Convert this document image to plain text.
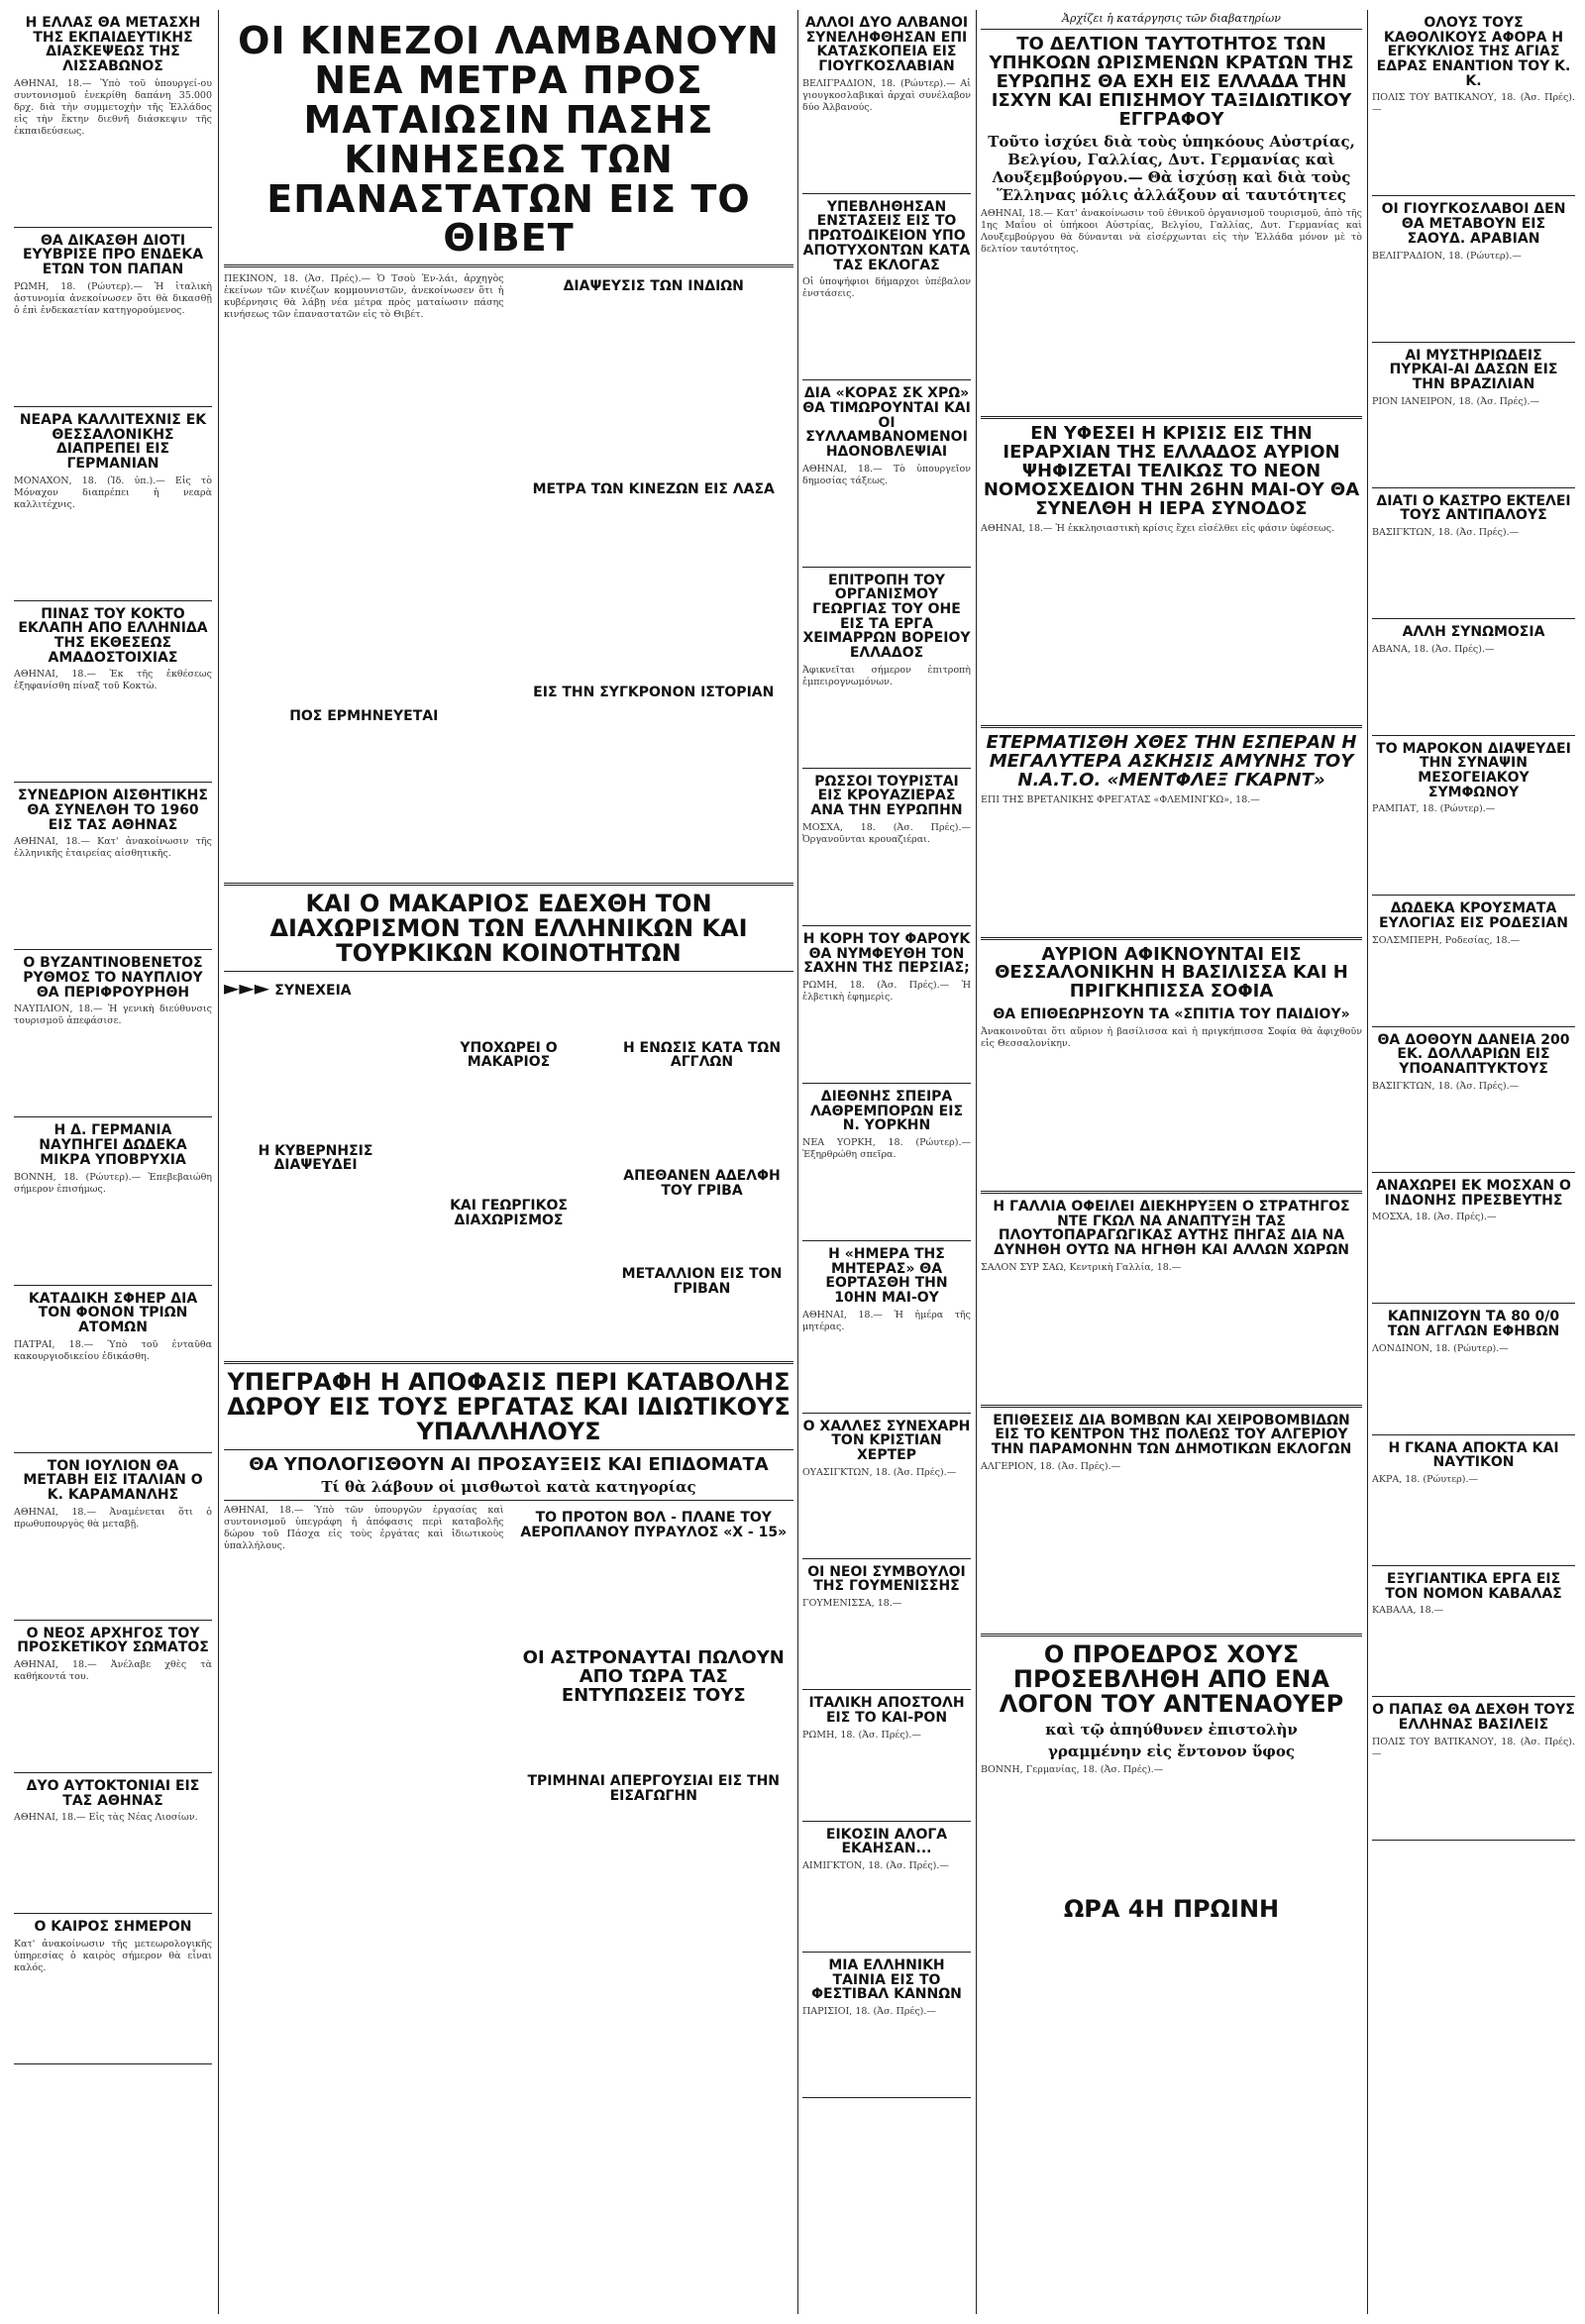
Η ΕΛΛΑΣ ΘΑ ΜΕΤΑΣΧΗ ΤΗΣ ΕΚΠΑΙΔΕΥΤΙΚΗΣ ΔΙΑΣΚΕΨΕΩΣ ΤΗΣ ΛΙΣΣΑΒΩΝΟΣ
ΑΘΗΝΑΙ, 18.— Ὑπὸ τοῦ ὑπουργεί-ου συντονισμοῦ ἐνεκρίθη δαπάνη 35.000 δρχ. διὰ τὴν συμμετοχὴν τῆς Ἑλλάδος εἰς τὴν ἔκτην διεθνῆ διάσκεψιν τῆς ἐκπαιδεύσεως.
ΘΑ ΔΙΚΑΣΘΗ ΔΙΟΤΙ ΕΥΥΒΡΙΣΕ ΠΡΟ ΕΝΔΕΚΑ ΕΤΩΝ ΤΟΝ ΠΑΠΑΝ
ΡΩΜΗ, 18. (Ρώυτερ).— Ἡ ἰταλικὴ ἀστυνομία ἀνεκοίνωσεν ὅτι θὰ δικασθῇ ὁ ἐπὶ ἑνδεκαετίαν κατηγορούμενος.
ΝΕΑΡΑ ΚΑΛΛΙΤΕΧΝΙΣ ΕΚ ΘΕΣΣΑΛΟΝΙΚΗΣ ΔΙΑΠΡΕΠΕΙ ΕΙΣ ΓΕΡΜΑΝΙΑΝ
ΜΟΝΑΧΟΝ, 18. (Ἰδ. ὑπ.).— Εἰς τὸ Μόναχον διαπρέπει ἡ νεαρὰ καλλιτέχνις.
ΠΙΝΑΣ ΤΟΥ ΚΟΚΤΟ ΕΚΛΑΠΗ ΑΠΟ ΕΛΛΗΝΙΔΑ ΤΗΣ ΕΚΘΕΣΕΩΣ ΑΜΑΔΟΣΤΟΙΧΙΑΣ
ΑΘΗΝΑΙ, 18.— Ἐκ τῆς ἐκθέσεως ἐξηφανίσθη πίναξ τοῦ Κοκτὼ.
ΣΥΝΕΔΡΙΟΝ ΑΙΣΘΗΤΙΚΗΣ ΘΑ ΣΥΝΕΛΘΗ ΤΟ 1960 ΕΙΣ ΤΑΣ ΑΘΗΝΑΣ
ΑΘΗΝΑΙ, 18.— Κατ' ἀνακοίνωσιν τῆς ἑλληνικῆς ἑταιρείας αἰσθητικῆς.
Ο ΒΥΖΑΝΤΙΝΟΒΕΝΕΤΟΣ ΡΥΘΜΟΣ ΤΟ ΝΑΥΠΛΙΟΥ ΘΑ ΠΕΡΙΦΡΟΥΡΗΘΗ
ΝΑΥΠΛΙΟΝ, 18.— Ἡ γενικὴ διεύθυνσις τουρισμοῦ ἀπεφάσισε.
Η Δ. ΓΕΡΜΑΝΙΑ ΝΑΥΠΗΓΕΙ ΔΩΔΕΚΑ ΜΙΚΡΑ ΥΠΟΒΡΥΧΙΑ
ΒΟΝΝΗ, 18. (Ρώυτερ).— Ἐπεβεβαιώθη σήμερον ἐπισήμως.
ΚΑΤΑΔΙΚΗ ΣΦΗΕΡ ΔΙΑ ΤΟΝ ΦΟΝΟΝ ΤΡΙΩΝ ΑΤΟΜΩΝ
ΠΑΤΡΑΙ, 18.— Ὑπὸ τοῦ ἐνταῦθα κακουργιοδικείου ἐδικάσθη.
ΤΟΝ ΙΟΥΛΙΟΝ ΘΑ ΜΕΤΑΒΗ ΕΙΣ ΙΤΑΛΙΑΝ Ο Κ. ΚΑΡΑΜΑΝΛΗΣ
ΑΘΗΝΑΙ, 18.— Ἀναμένεται ὅτι ὁ πρωθυπουργὸς θὰ μεταβῇ.
Ο ΝΕΟΣ ΑΡΧΗΓΟΣ ΤΟΥ ΠΡΟΣΚΕΤΙΚΟΥ ΣΩΜΑΤΟΣ
ΑΘΗΝΑΙ, 18.— Ἀνέλαβε χθὲς τὰ καθήκοντά του.
ΔΥΟ ΑΥΤΟΚΤΟΝΙΑΙ ΕΙΣ ΤΑΣ ΑΘΗΝΑΣ
ΑΘΗΝΑΙ, 18.— Εἰς τὰς Νέας Λιοσίων.
Ο ΚΑΙΡΟΣ ΣΗΜΕΡΟΝ
Κατ' ἀνακοίνωσιν τῆς μετεωρολογικῆς ὑπηρεσίας ὁ καιρὸς σήμερον θὰ εἶναι καλός.
ΟΙ ΚΙΝΕΖΟΙ ΛΑΜΒΑΝΟΥΝ ΝΕΑ ΜΕΤΡΑ ΠΡΟΣ ΜΑΤΑΙΩΣΙΝ ΠΑΣΗΣ ΚΙΝΗΣΕΩΣ ΤΩΝ ΕΠΑΝΑΣΤΑΤΩΝ ΕΙΣ ΤΟ ΘΙΒΕΤ
ΠΕΚΙΝΟΝ, 18. (Ἀσ. Πρές).— Ὁ Τσοὺ Ἐν-λάι, ἀρχηγὸς ἐκείνων τῶν κινέζων κομμουνιστῶν, ἀνεκοίνωσεν ὅτι ἡ κυβέρνησις θὰ λάβῃ νέα μέτρα πρὸς ματαίωσιν πάσης κινήσεως τῶν ἐπαναστατῶν εἰς τὸ Θιβέτ.
ΠΟΣ ΕΡΜΗΝΕΥΕΤΑΙ
ΔΙΑΨΕΥΣΙΣ ΤΩΝ ΙΝΔΙΩΝ
ΜΕΤΡΑ ΤΩΝ ΚΙΝΕΖΩΝ ΕΙΣ ΛΑΣΑ
ΕΙΣ ΤΗΝ ΣΥΓΚΡΟΝΟΝ ΙΣΤΟΡΙΑΝ
ΚΑΙ Ο ΜΑΚΑΡΙΟΣ ΕΔΕΧΘΗ ΤΟΝ ΔΙΑΧΩΡΙΣΜΟΝ ΤΩΝ ΕΛΛΗΝΙΚΩΝ ΚΑΙ ΤΟΥΡΚΙΚΩΝ ΚΟΙΝΟΤΗΤΩΝ
►►► ΣΥΝΕΧΕΙΑ
Η ΚΥΒΕΡΝΗΣΙΣ ΔΙΑΨΕΥΔΕΙ
ΥΠΟΧΩΡΕΙ Ο ΜΑΚΑΡΙΟΣ
ΚΑΙ ΓΕΩΡΓΙΚΟΣ ΔΙΑΧΩΡΙΣΜΟΣ
Η ΕΝΩΣΙΣ ΚΑΤΑ ΤΩΝ ΑΓΓΛΩΝ
ΑΠΕΘΑΝΕΝ ΑΔΕΛΦΗ ΤΟΥ ΓΡΙΒΑ
ΜΕΤΑΛΛΙΟΝ ΕΙΣ ΤΟΝ ΓΡΙΒΑΝ
ΥΠΕΓΡΑΦΗ Η ΑΠΟΦΑΣΙΣ ΠΕΡΙ ΚΑΤΑΒΟΛΗΣ ΔΩΡΟΥ ΕΙΣ ΤΟΥΣ ΕΡΓΑΤΑΣ ΚΑΙ ΙΔΙΩΤΙΚΟΥΣ ΥΠΑΛΛΗΛΟΥΣ
ΘΑ ΥΠΟΛΟΓΙΣΘΟΥΝ ΑΙ ΠΡΟΣΑΥΞΕΙΣ ΚΑΙ ΕΠΙΔΟΜΑΤΑ
Τί θὰ λάβουν οἱ μισθωτοὶ κατὰ κατηγορίας
ΑΘΗΝΑΙ, 18.— Ὑπὸ τῶν ὑπουργῶν ἐργασίας καὶ συντονισμοῦ ὑπεγράφη ἡ ἀπόφασις περὶ καταβολῆς δώρου τοῦ Πάσχα εἰς τοὺς ἐργάτας καὶ ἰδιωτικοὺς ὑπαλλήλους.
ΤΟ ΠΡΟΤΟΝ ΒΟΛ - ΠΛΑΝΕ ΤΟΥ ΑΕΡΟΠΛΑΝΟΥ ΠΥΡΑΥΛΟΣ «Χ - 15»
ΟΙ ΑΣΤΡΟΝΑΥΤΑΙ ΠΩΛΟΥΝ ΑΠΟ ΤΩΡΑ ΤΑΣ ΕΝΤΥΠΩΣΕΙΣ ΤΟΥΣ
ΤΡΙΜΗΝΑΙ ΑΠΕΡΓΟΥΣΙΑΙ ΕΙΣ ΤΗΝ ΕΙΣΑΓΩΓΗΝ
ΑΛΛΟΙ ΔΥΟ ΑΛΒΑΝΟΙ ΣΥΝΕΛΗΦΘΗΣΑΝ ΕΠΙ ΚΑΤΑΣΚΟΠΕΙΑ ΕΙΣ ΓΙΟΥΓΚΟΣΛΑΒΙΑΝ
ΒΕΛΙΓΡΑΔΙΟΝ, 18. (Ρώυτερ).— Αἱ γιουγκοσλαβικαὶ ἀρχαὶ συνέλαβον δύο Ἀλβανούς.
ΥΠΕΒΛΗΘΗΣΑΝ ΕΝΣΤΑΣΕΙΣ ΕΙΣ ΤΟ ΠΡΩΤΟΔΙΚΕΙΟΝ ΥΠΟ ΑΠΟΤΥΧΟΝΤΩΝ ΚΑΤΑ ΤΑΣ ΕΚΛΟΓΑΣ
Οἱ ὑποψήφιοι δήμαρχοι ὑπέβαλον ἐνστάσεις.
ΔΙΑ «ΚΟΡΑΣ ΣΚ ΧΡΩ» ΘΑ ΤΙΜΩΡΟΥΝΤΑΙ ΚΑΙ ΟΙ ΣΥΛΛΑΜΒΑΝΟΜΕΝΟΙ ΗΔΟΝΟΒΛΕΨΙΑΙ
ΑΘΗΝΑΙ, 18.— Τὸ ὑπουργεῖον δημοσίας τάξεως.
ΕΠΙΤΡΟΠΗ ΤΟΥ ΟΡΓΑΝΙΣΜΟΥ ΓΕΩΡΓΙΑΣ ΤΟΥ ΟΗΕ ΕΙΣ ΤΑ ΕΡΓΑ ΧΕΙΜΑΡΡΩΝ ΒΟΡΕΙΟΥ ΕΛΛΑΔΟΣ
Ἀφικνεῖται σήμερον ἐπιτροπὴ ἐμπειρογνωμόνων.
ΡΩΣΣΟΙ ΤΟΥΡΙΣΤΑΙ ΕΙΣ ΚΡΟΥΑΖΙΕΡΑΣ ΑΝΑ ΤΗΝ ΕΥΡΩΠΗΝ
ΜΟΣΧΑ, 18. (Ἀσ. Πρές).— Ὀργανοῦνται κρουαζιέραι.
Η ΚΟΡΗ ΤΟΥ ΦΑΡΟΥΚ ΘΑ ΝΥΜΦΕΥΘΗ ΤΟΝ ΣΑΧΗΝ ΤΗΣ ΠΕΡΣΙΑΣ;
ΡΩΜΗ, 18. (Ἀσ. Πρές).— Ἡ ἑλβετικὴ ἐφημερὶς.
ΔΙΕΘΝΗΣ ΣΠΕΙΡΑ ΛΑΘΡΕΜΠΟΡΩΝ ΕΙΣ Ν. ΥΟΡΚΗΝ
ΝΕΑ ΥΟΡΚΗ, 18. (Ρώυτερ).— Ἐξηρθρώθη σπεῖρα.
Η «ΗΜΕΡΑ ΤΗΣ ΜΗΤΕΡΑΣ» ΘΑ ΕΟΡΤΑΣΘΗ ΤΗΝ 10ΗΝ ΜΑΙ-ΟΥ
ΑΘΗΝΑΙ, 18.— Ἡ ἡμέρα τῆς μητέρας.
Ο ΧΑΛΛΕΣ ΣΥΝΕΧΑΡΗ ΤΟΝ ΚΡΙΣΤΙΑΝ ΧΕΡΤΕΡ
ΟΥΑΣΙΓΚΤΩΝ, 18. (Ἀσ. Πρές).—
ΟΙ ΝΕΟΙ ΣΥΜΒΟΥΛΟΙ ΤΗΣ ΓΟΥΜΕΝΙΣΣΗΣ
ΓΟΥΜΕΝΙΣΣΑ, 18.—
ΙΤΑΛΙΚΗ ΑΠΟΣΤΟΛΗ ΕΙΣ ΤΟ ΚΑΙ-ΡΟΝ
ΡΩΜΗ, 18. (Ἀσ. Πρές).—
ΕΙΚΟΣΙΝ ΑΛΟΓΑ ΕΚΑΗΣΑΝ...
ΑΙΜΙΓΚΤΟΝ, 18. (Ἀσ. Πρές).—
ΜΙΑ ΕΛΛΗΝΙΚΗ ΤΑΙΝΙΑ ΕΙΣ ΤΟ ΦΕΣΤΙΒΑΛ ΚΑΝΝΩΝ
ΠΑΡΙΣΙΟΙ, 18. (Ἀσ. Πρές).—
Ἀρχίζει ἡ κατάργησις τῶν διαβατηρίων
ΤΟ ΔΕΛΤΙΟΝ ΤΑΥΤΟΤΗΤΟΣ ΤΩΝ ΥΠΗΚΟΩΝ ΩΡΙΣΜΕΝΩΝ ΚΡΑΤΩΝ ΤΗΣ ΕΥΡΩΠΗΣ ΘΑ ΕΧΗ ΕΙΣ ΕΛΛΑΔΑ ΤΗΝ ΙΣΧΥΝ ΚΑΙ ΕΠΙΣΗΜΟΥ ΤΑΞΙΔΙΩΤΙΚΟΥ ΕΓΓΡΑΦΟΥ
Τοῦτο ἰσχύει διὰ τοὺς ὑπηκόους Αὐστρίας, Βελγίου, Γαλλίας, Δυτ. Γερμανίας καὶ Λουξεμβούργου.— Θὰ ἰσχύσῃ καὶ διὰ τοὺς Ἕλληνας μόλις ἀλλάξουν αἱ ταυτότητες
ΑΘΗΝΑΙ, 18.— Κατ' ἀνακοίνωσιν τοῦ ἐθνικοῦ ὀργανισμοῦ τουρισμοῦ, ἀπὸ τῆς 1ης Μαΐου οἱ ὑπήκοοι Αὐστρίας, Βελγίου, Γαλλίας, Δυτ. Γερμανίας καὶ Λουξεμβούργου θὰ δύνανται νὰ εἰσέρχωνται εἰς τὴν Ἑλλάδα μόνον μὲ τὸ δελτίον ταυτότητος.
ΕΝ ΥΦΕΣΕΙ Η ΚΡΙΣΙΣ ΕΙΣ ΤΗΝ ΙΕΡΑΡΧΙΑΝ ΤΗΣ ΕΛΛΑΔΟΣ ΑΥΡΙΟΝ ΨΗΦΙΖΕΤΑΙ ΤΕΛΙΚΩΣ ΤΟ ΝΕΟΝ ΝΟΜΟΣΧΕΔΙΟΝ ΤΗΝ 26ΗΝ ΜΑΙ-ΟΥ ΘΑ ΣΥΝΕΛΘΗ Η ΙΕΡΑ ΣΥΝΟΔΟΣ
ΑΘΗΝΑΙ, 18.— Ἡ ἐκκλησιαστικὴ κρίσις ἔχει εἰσέλθει εἰς φάσιν ὑφέσεως.
ΕΤΕΡΜΑΤΙΣΘΗ ΧΘΕΣ ΤΗΝ ΕΣΠΕΡΑΝ Η ΜΕΓΑΛΥΤΕΡΑ ΑΣΚΗΣΙΣ ΑΜΥΝΗΣ ΤΟΥ Ν.Α.Τ.Ο. «ΜΕΝΤΦΛΕΞ ΓΚΑΡΝΤ»
ΕΠΙ ΤΗΣ ΒΡΕΤΑΝΙΚΗΣ ΦΡΕΓΑΤΑΣ «ΦΛΕΜΙΝΓΚΩ», 18.—
ΑΥΡΙΟΝ ΑΦΙΚΝΟΥΝΤΑΙ ΕΙΣ ΘΕΣΣΑΛΟΝΙΚΗΝ Η ΒΑΣΙΛΙΣΣΑ ΚΑΙ Η ΠΡΙΓΚΗΠΙΣΣΑ ΣΟΦΙΑ
ΘΑ ΕΠΙΘΕΩΡΗΣΟΥΝ ΤΑ «ΣΠΙΤΙΑ ΤΟΥ ΠΑΙΔΙΟΥ»
Ἀνακοινοῦται ὅτι αὔριον ἡ βασίλισσα καὶ ἡ πριγκήπισσα Σοφία θὰ ἀφιχθοῦν εἰς Θεσσαλονίκην.
Η ΓΑΛΛΙΑ ΟΦΕΙΛΕΙ ΔΙΕΚΗΡΥΞΕΝ Ο ΣΤΡΑΤΗΓΟΣ ΝΤΕ ΓΚΩΛ ΝΑ ΑΝΑΠΤΥΞΗ ΤΑΣ ΠΛΟΥΤΟΠΑΡΑΓΩΓΙΚΑΣ ΑΥΤΗΣ ΠΗΓΑΣ ΔΙΑ ΝΑ ΔΥΝΗΘΗ ΟΥΤΩ ΝΑ ΗΓΗΘΗ ΚΑΙ ΑΛΛΩΝ ΧΩΡΩΝ
ΣΑΛΟΝ ΣΥΡ ΣΑΩ, Κεντρικὴ Γαλλία, 18.—
ΕΠΙΘΕΣΕΙΣ ΔΙΑ ΒΟΜΒΩΝ ΚΑΙ ΧΕΙΡΟΒΟΜΒΙΔΩΝ ΕΙΣ ΤΟ ΚΕΝΤΡΟΝ ΤΗΣ ΠΟΛΕΩΣ ΤΟΥ ΑΛΓΕΡΙΟΥ ΤΗΝ ΠΑΡΑΜΟΝΗΝ ΤΩΝ ΔΗΜΟΤΙΚΩΝ ΕΚΛΟΓΩΝ
ΑΛΓΕΡΙΟΝ, 18. (Ἀσ. Πρές).—
Ο ΠΡΟΕΔΡΟΣ ΧΟΥΣ ΠΡΟΣΕΒΛΗΘΗ ΑΠΟ ΕΝΑ ΛΟΓΟΝ ΤΟΥ ΑΝΤΕΝΑΟΥΕΡ
καὶ τῷ ἀπηύθυνεν ἐπιστολὴν
γραμμένην εἰς ἔντονον ὕφος
ΒΟΝΝΗ, Γερμανίας, 18. (Ἀσ. Πρές).—
ΩΡΑ 4Η ΠΡΩΙΝΗ
ΟΛΟΥΣ ΤΟΥΣ ΚΑΘΟΛΙΚΟΥΣ ΑΦΟΡΑ Η ΕΓΚΥΚΛΙΟΣ ΤΗΣ ΑΓΙΑΣ ΕΔΡΑΣ ΕΝΑΝΤΙΟΝ ΤΟΥ Κ. Κ.
ΠΟΛΙΣ ΤΟΥ ΒΑΤΙΚΑΝΟΥ, 18. (Ἀσ. Πρές).—
ΟΙ ΓΙΟΥΓΚΟΣΛΑΒΟΙ ΔΕΝ ΘΑ ΜΕΤΑΒΟΥΝ ΕΙΣ ΣΑΟΥΔ. ΑΡΑΒΙΑΝ
ΒΕΛΙΓΡΑΔΙΟΝ, 18. (Ρώυτερ).—
ΑΙ ΜΥΣΤΗΡΙΩΔΕΙΣ ΠΥΡΚΑΙ-ΑΙ ΔΑΣΩΝ ΕΙΣ ΤΗΝ ΒΡΑΖΙΛΙΑΝ
ΡΙΟΝ ΙΑΝΕΙΡΟΝ, 18. (Ἀσ. Πρές).—
ΔΙΑΤΙ Ο ΚΑΣΤΡΟ ΕΚΤΕΛΕΙ ΤΟΥΣ ΑΝΤΙΠΑΛΟΥΣ
ΒΑΣΙΓΚΤΩΝ, 18. (Ἀσ. Πρές).—
ΑΛΛΗ ΣΥΝΩΜΟΣΙΑ
ΑΒΑΝΑ, 18. (Ἀσ. Πρές).—
ΤΟ ΜΑΡΟΚΟΝ ΔΙΑΨΕΥΔΕΙ ΤΗΝ ΣΥΝΑΨΙΝ ΜΕΣΟΓΕΙΑΚΟΥ ΣΥΜΦΩΝΟΥ
ΡΑΜΠΑΤ, 18. (Ρώυτερ).—
ΔΩΔΕΚΑ ΚΡΟΥΣΜΑΤΑ ΕΥΛΟΓΙΑΣ ΕΙΣ ΡΟΔΕΣΙΑΝ
ΣΟΛΣΜΠΕΡΗ, Ροδεσίας, 18.—
ΘΑ ΔΟΘΟΥΝ ΔΑΝΕΙΑ 200 ΕΚ. ΔΟΛΛΑΡΙΩΝ ΕΙΣ ΥΠΟΑΝΑΠΤΥΚΤΟΥΣ
ΒΑΣΙΓΚΤΩΝ, 18. (Ἀσ. Πρές).—
ΑΝΑΧΩΡΕΙ ΕΚ ΜΟΣΧΑΝ Ο ΙΝΔΟΝΗΣ ΠΡΕΣΒΕΥΤΗΣ
ΜΟΣΧΑ, 18. (Ἀσ. Πρές).—
ΚΑΠΝΙΖΟΥΝ ΤΑ 80 0/0 ΤΩΝ ΑΓΓΛΩΝ ΕΦΗΒΩΝ
ΛΟΝΔΙΝΟΝ, 18. (Ρώυτερ).—
Η ΓΚΑΝΑ ΑΠΟΚΤΑ ΚΑΙ ΝΑΥΤΙΚΟΝ
ΑΚΡΑ, 18. (Ρώυτερ).—
ΕΞΥΓΙΑΝΤΙΚΑ ΕΡΓΑ ΕΙΣ ΤΟΝ ΝΟΜΟΝ ΚΑΒΑΛΑΣ
ΚΑΒΑΛΑ, 18.—
Ο ΠΑΠΑΣ ΘΑ ΔΕΧΘΗ ΤΟΥΣ ΕΛΛΗΝΑΣ ΒΑΣΙΛΕΙΣ
ΠΟΛΙΣ ΤΟΥ ΒΑΤΙΚΑΝΟΥ, 18. (Ἀσ. Πρές).—
